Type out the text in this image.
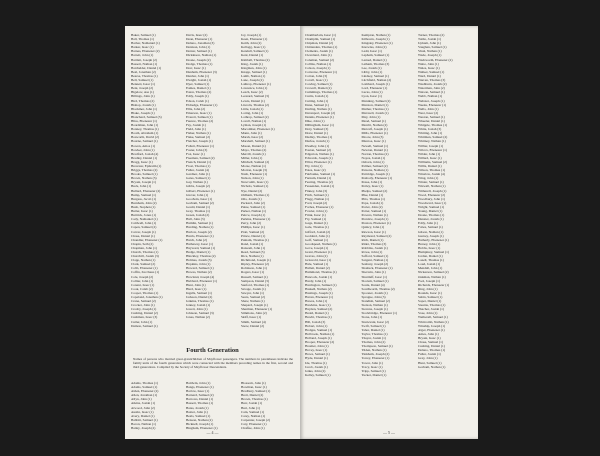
Baker, Samuel (1)
Ball, Thomas (1)
Barber, Nathaniel (1)
Barker, Isaac (1)
Barnes, Ebenezer (2)
Barrett, John (1)
Bartlett, Joseph (2)
Bassett, Nathan (1)
Batchelder, Daniel (1)
Beal, Jonathan (2)
Bearse, Thomas (1)
Bell, Samuel (1)
Bennett, Isaac (1)
Bent, Joseph (2)
Bigelow, Asa (1)
Billings, John (1)
Bird, Thomas (2)
Bishop, Josiah (1)
Blackmer, John (1)
Blake, Joseph (1)
Blanchard, Samuel (3)
Bliss, Ebenezer (1)
Boardman, John (1)
Bonney, Thomas (1)
Booth, Abraham (1)
Bosworth, David (2)
Bourne, Samuel (1)
Bowen, Amos (1)
Bowker, John (1)
Bradford, Josiah (4)
Bradley, Daniel (1)
Bragg, Isaac (1)
Brewster, Ephraim (1)
Briggs, Thomas (2)
Brooks, Samuel (1)
Brown, Nathan (3)
Bryant, Joseph (1)
Buck, John (1)
Bullard, Ebenezer (2)
Bump, Samuel (1)
Burgess, Jacob (1)
Burnham, John (2)
Bush, Stephen (1)
Butler, Isaac (1)
Buttrick, Jonas (1)
Cady, Nathaniel (1)
Caldwell, John (1)
Capen, Samuel (2)
Carver, Joseph (1)
Chase, Daniel (1)
Chandler, Ebenezer (1)
Chapin, Seth (2)
Chapman, John (1)
Church, Thomas (1)
Churchill, Josiah (3)
Clapp, Nathan (1)
Clark, Samuel (2)
Cobb, Ebenezer (1)
Coffin, Zaccheus (1)
Cole, Joseph (2)
Collier, John (1)
Conant, Isaac (1)
Cook, Caleb (2)
Cooper, Thomas (1)
Copeland, Jonathan (1)
Crane, Samuel (2)
Crocker, John (1)
Crosby, Joseph (1)
Cushing, Daniel (2)
Cushman, Isaac (3)
Cutler, John (1)
Damon, Samuel (1)
Davis, Isaac (2)
Dean, Ebenezer (1)
Delano, Jonathan (3)
Denison, John (1)
Dexter, Samuel (1)
Dickinson, Nathan (1)
Doane, Joseph (2)
Dodge, Thomas (1)
Dorr, Isaac (1)
Dunham, Ebenezer (3)
Dunbar, John (1)
Dwight, Josiah (1)
Dyer, Samuel (1)
Eames, Daniel (1)
Eaton, Thomas (2)
Eddy, Joseph (1)
Edson, Caleb (1)
Eldredge, Ebenezer (1)
Ellis, John (2)
Emerson, Isaac (1)
Everett, Samuel (1)
Faunce, Thomas (2)
Fay, Josiah (1)
Field, John (1)
Fisher, Nathan (1)
Fiske, Samuel (2)
Fletcher, Joseph (1)
Follett, Ebenezer (1)
Foster, John (3)
Fox, Isaac (1)
Freeman, Samuel (2)
French, Daniel (1)
Frost, Thomas (1)
Fuller, Josiah (4)
Gardner, John (1)
Gates, Samuel (1)
Gay, Nathan (1)
Gibbs, Joseph (2)
Gilbert, Ebenezer (1)
Glover, John (1)
Goodwin, Isaac (1)
Gorham, Samuel (2)
Gould, Daniel (1)
Gray, Thomas (1)
Green, Josiah (2)
Hall, John (3)
Hamlin, Samuel (1)
Harding, Nathan (1)
Harlow, Joseph (2)
Harris, Ebenezer (1)
Hatch, John (2)
Hathaway, Isaac (1)
Hayward, Samuel (1)
Hedge, Daniel (1)
Hinckley, Thomas (2)
Holmes, Josiah (3)
Hopkins, John (1)
Howard, Samuel (1)
Howes, Nathan (2)
Howland, Joseph (4)
Hubbard, Ebenezer (1)
Hunt, John (1)
Hurd, Isaac (1)
Ingalls, Samuel (1)
Jackson, Daniel (2)
Jenkins, Thomas (1)
Jenney, Josiah (1)
Jewett, John (1)
Johnson, Samuel (3)
Jones, Nathan (2)
Joy, Joseph (1)
Keen, Ebenezer (1)
Keith, John (2)
Kellogg, Isaac (1)
Kendall, Samuel (1)
Kent, Daniel (1)
Kimball, Thomas (2)
King, Josiah (1)
Kingman, John (1)
Knapp, Samuel (1)
Lamb, Nathan (1)
Lane, Joseph (2)
Lathrop, Ebenezer (1)
Lawrence, John (1)
Leach, Isaac (2)
Leonard, Samuel (3)
Lewis, Daniel (1)
Lincoln, Thomas (2)
Little, Josiah (1)
Loring, John (1)
Lothrop, Samuel (2)
Lovell, Nathan (1)
Lyman, Joseph (1)
Macomber, Ebenezer (1)
Mann, John (1)
Marsh, Isaac (2)
Marshall, Samuel (1)
Mason, Daniel (1)
Mayo, Thomas (2)
Merrill, Josiah (1)
Miller, John (1)
Mitchell, Samuel (2)
Morse, Nathan (1)
Morton, Joseph (3)
Nash, Ebenezer (1)
Nelson, John (1)
Newcomb, Isaac (1)
Nichols, Samuel (1)
Nye, Daniel (2)
Oldham, Thomas (1)
Otis, Josiah (1)
Packard, John (2)
Paine, Samuel (1)
Parker, Nathan (1)
Peirce, Joseph (1)
Perkins, Ebenezer (1)
Perry, John (2)
Phillips, Isaac (1)
Pratt, Samuel (2)
Prince, Daniel (1)
Putnam, Thomas (1)
Rand, Josiah (1)
Ransom, John (1)
Reed, Samuel (3)
Rice, Nathan (1)
Richmond, Joseph (1)
Ripley, Ebenezer (2)
Robinson, John (1)
Rogers, Isaac (1)
Russell, Samuel (1)
Sampson, Daniel (3)
Sanford, Thomas (1)
Savage, Josiah (1)
Sawyer, John (1)
Sears, Samuel (2)
Shaw, Nathan (1)
Shepard, Joseph (1)
Sherman, Ebenezer (1)
Simmons, John (2)
Skiff, Isaac (1)
Smith, Samuel (4)
Snow, Daniel (2)
Fourth Generation
Names of persons who married great-grandchildren of Mayflower passengers. The numbers in parentheses indicate the family units of the fourth generation which were connected with the members preceding names in the first, second and third generations. Compiled by the Society of Mayflower Descendants.
Adams, Thomas (1)
Adams, Samuel (1)
Alden, Ebenezer (2)
Allen, Jonathan (1)
Allyn, John (1)
Atkins, Josiah (1)
Atwood, John (2)
Austin, Isaac (1)
Avery, Daniel (1)
Babbitt, Samuel (1)
Bacon, Nathan (1)
Bailey, Joseph (2)
Baldwin, John (1)
Bangs, Ebenezer (1)
Barlow, Isaac (1)
Barnard, Samuel (2)
Barrows, Daniel (1)
Bassett, Thomas (1)
Bates, Josiah (1)
Baxter, John (1)
Beals, Samuel (1)
Benson, Nathan (2)
Bicknell, Joseph (1)
Bingham, Ebenezer (1)
Blossom, John (1)
Bowman, Isaac (1)
Bradbury, Samuel (1)
Brett, Daniel (2)
Brown, Thomas (1)
Burr, Josiah (1)
Burt, John (1)
Cain, Samuel (1)
Carey, Nathan (1)
Carpenter, Joseph (2)
Cary, Ebenezer (1)
Chaffee, John (1)
— 4 —
Chamberlain, Isaac (1)
Champlin, Samuel (1)
Chipman, Daniel (2)
Chittenden, Thomas (1)
Clements, Josiah (1)
Cleveland, John (1)
Coleman, Samuel (2)
Collins, Nathan (1)
Colson, Joseph (1)
Converse, Ebenezer (1)
Cotton, John (3)
Covell, Isaac (1)
Cowing, Samuel (1)
Crowell, Daniel (2)
Cummings, Thomas (1)
Curtis, Josiah (1)
Cutting, John (1)
Dana, Samuel (1)
Darling, Nathan (1)
Davenport, Joseph (2)
Dennis, Ebenezer (1)
Dike, John (1)
Dillingham, Isaac (1)
Doty, Samuel (3)
Drew, Daniel (1)
Dudley, Thomas (1)
Durfee, Josiah (1)
Dwelley, John (1)
Easton, Samuel (2)
Edgerton, Nathan (1)
Edwards, Joseph (1)
Elliot, Ebenezer (1)
Ely, John (1)
Estes, Isaac (2)
Fairbanks, Samuel (1)
Farnum, Daniel (1)
Fearing, Thomas (2)
Fessenden, Josiah (1)
Finney, John (3)
Fitch, Samuel (1)
Flagg, Nathan (1)
Ford, Joseph (2)
Forbes, Ebenezer (1)
Fowler, John (1)
Frink, Isaac (1)
Fry, Samuel (1)
Gage, Daniel (1)
Gale, Thomas (1)
Gifford, Josiah (2)
Goddard, John (1)
Goff, Samuel (1)
Goodspeed, Nathan (1)
Gove, Joseph (1)
Grant, Ebenezer (1)
Graves, John (2)
Griswold, Isaac (1)
Hale, Samuel (1)
Hallett, Daniel (2)
Hammond, Thomas (1)
Hancock, Josiah (1)
Hardy, John (1)
Harrington, Samuel (1)
Haskell, Nathan (2)
Hastings, Joseph (1)
Haven, Ebenezer (1)
Hawes, John (1)
Hawkins, Isaac (1)
Hayden, Samuel (2)
Heald, Daniel (1)
Hewitt, Thomas (1)
Hill, Josiah (3)
Hobart, John (1)
Hodges, Samuel (1)
Holbrook, Nathan (1)
Holland, Joseph (1)
Hooper, Ebenezer (2)
Hosmer, John (1)
Hovey, Isaac (1)
Howe, Samuel (1)
Hyde, Daniel (1)
Ide, Thomas (1)
Jacob, Josiah (1)
Jenks, John (2)
Kelley, Samuel (1)
Kempton, Nathan (1)
Kilbourn, Joseph (1)
Kingsley, Ebenezer (1)
Knowles, John (2)
Ladd, Isaac (1)
Lapham, Samuel (1)
Larned, Daniel (1)
Latham, Thomas (3)
Lee, Josiah (1)
Libby, John (1)
Lindsey, Samuel (1)
Litchfield, Nathan (2)
Lombard, Joseph (1)
Lord, Ebenezer (1)
Lucas, John (1)
Lyon, Isaac (1)
Manning, Samuel (2)
Marston, Daniel (1)
Mather, Thomas (1)
Maxwell, Josiah (1)
May, John (1)
Mead, Samuel (1)
Merritt, Nathan (2)
Metcalf, Joseph (1)
Mills, Ebenezer (1)
Moore, John (3)
Munroe, Isaac (1)
Newell, Samuel (1)
Newton, Daniel (1)
Norton, Thomas (2)
Noyes, Josiah (1)
Osborn, John (1)
Palmer, Samuel (2)
Parsons, Nathan (1)
Partridge, Joseph (1)
Peabody, Ebenezer (1)
Pease, John (1)
Perley, Isaac (1)
Phelps, Samuel (2)
Pike, Daniel (1)
Pitts, Thomas (1)
Pope, Josiah (1)
Porter, John (2)
Potter, Samuel (1)
Powers, Nathan (1)
Prentice, Joseph (1)
Preston, Ebenezer (1)
Quincy, John (1)
Rawson, Isaac (1)
Raymond, Samuel (2)
Rich, Daniel (1)
Rider, Thomas (3)
Robbins, Josiah (1)
Rowe, John (1)
Safford, Samuel (1)
Sargent, Nathan (1)
Seabury, Joseph (2)
Shattuck, Ebenezer (1)
Sherwin, John (1)
Shurtleff, Isaac (1)
Slocum, Samuel (1)
Soule, Daniel (4)
Southworth, Thomas (2)
Spooner, Josiah (1)
Sprague, John (3)
Standish, Samuel (2)
Stetson, Nathan (1)
Stevens, Joseph (1)
Stockbridge, Ebenezer (1)
Stone, John (1)
Sturtevant, Isaac (2)
Swift, Samuel (1)
Taber, Daniel (1)
Taylor, Thomas (1)
Thayer, Josiah (1)
Thomas, John (2)
Thompson, Samuel (1)
Tilden, Nathan (1)
Tinkham, Joseph (2)
Torrey, Ebenezer (1)
Tower, John (1)
Tracy, Isaac (1)
Tripp, Samuel (1)
Tucker, Daniel (1)
Turner, Thomas (2)
Tuttle, Josiah (1)
Upham, John (1)
Vaughan, Samuel (1)
Vinal, Nathan (1)
Wade, Joseph (1)
Wadsworth, Ebenezer (2)
Waite, John (1)
Wales, Isaac (1)
Walker, Samuel (1)
Ward, Daniel (1)
Warren, Thomas (3)
Washburn, Josiah (2)
Waterman, John (2)
Watson, Samuel (1)
Webb, Nathan (1)
Webster, Joseph (1)
Weeks, Ebenezer (1)
Wells, John (1)
West, Isaac (2)
Weston, Samuel (1)
Wheeler, Daniel (1)
Whipple, Thomas (1)
White, Josiah (3)
Whiting, John (1)
Whitman, Samuel (2)
Whitney, Nathan (1)
Wilbur, Joseph (1)
Wilcox, Ebenezer (1)
Wilder, John (1)
Willard, Isaac (1)
Williams, Samuel (2)
Willis, Daniel (1)
Wilson, Thomas (1)
Winslow, Josiah (4)
Wing, John (1)
Winter, Samuel (1)
Wiswall, Nathan (1)
Witherell, Joseph (1)
Wood, Ebenezer (2)
Woodbury, John (1)
Woodward, Isaac (1)
Wright, Samuel (1)
Young, Daniel (1)
Doane, Thomas (1)
Dunster, Josiah (1)
Eddy, John (1)
Fobes, Samuel (1)
Gilson, Nathan (1)
Gurney, Joseph (1)
Hatherly, Ebenezer (1)
Hersey, John (1)
Hobbs, Isaac (1)
Humphrey, Samuel (1)
Jordan, Daniel (1)
Lazell, Thomas (1)
Loud, Josiah (1)
Mendall, John (1)
Nickerson, Samuel (2)
Oakman, Nathan (1)
Pool, Joseph (1)
Richards, Ebenezer (1)
Ring, John (1)
Rounds, Isaac (1)
Sabin, Samuel (1)
Soper, Daniel (1)
Stearns, Thomas (1)
Thacher, Josiah (1)
Vose, John (1)
Wetherell, Samuel (1)
Whitcomb, Nathan (1)
Winship, Joseph (1)
Alger, Ebenezer (1)
Ames, John (1)
Bryant, Isaac (1)
Chase, Samuel (1)
Cushing, Daniel (1)
Delano, Thomas (1)
Fuller, Josiah (1)
Gray, John (1)
Hunt, Samuel (1)
Gorham, Nathan (1)
— 5 —
